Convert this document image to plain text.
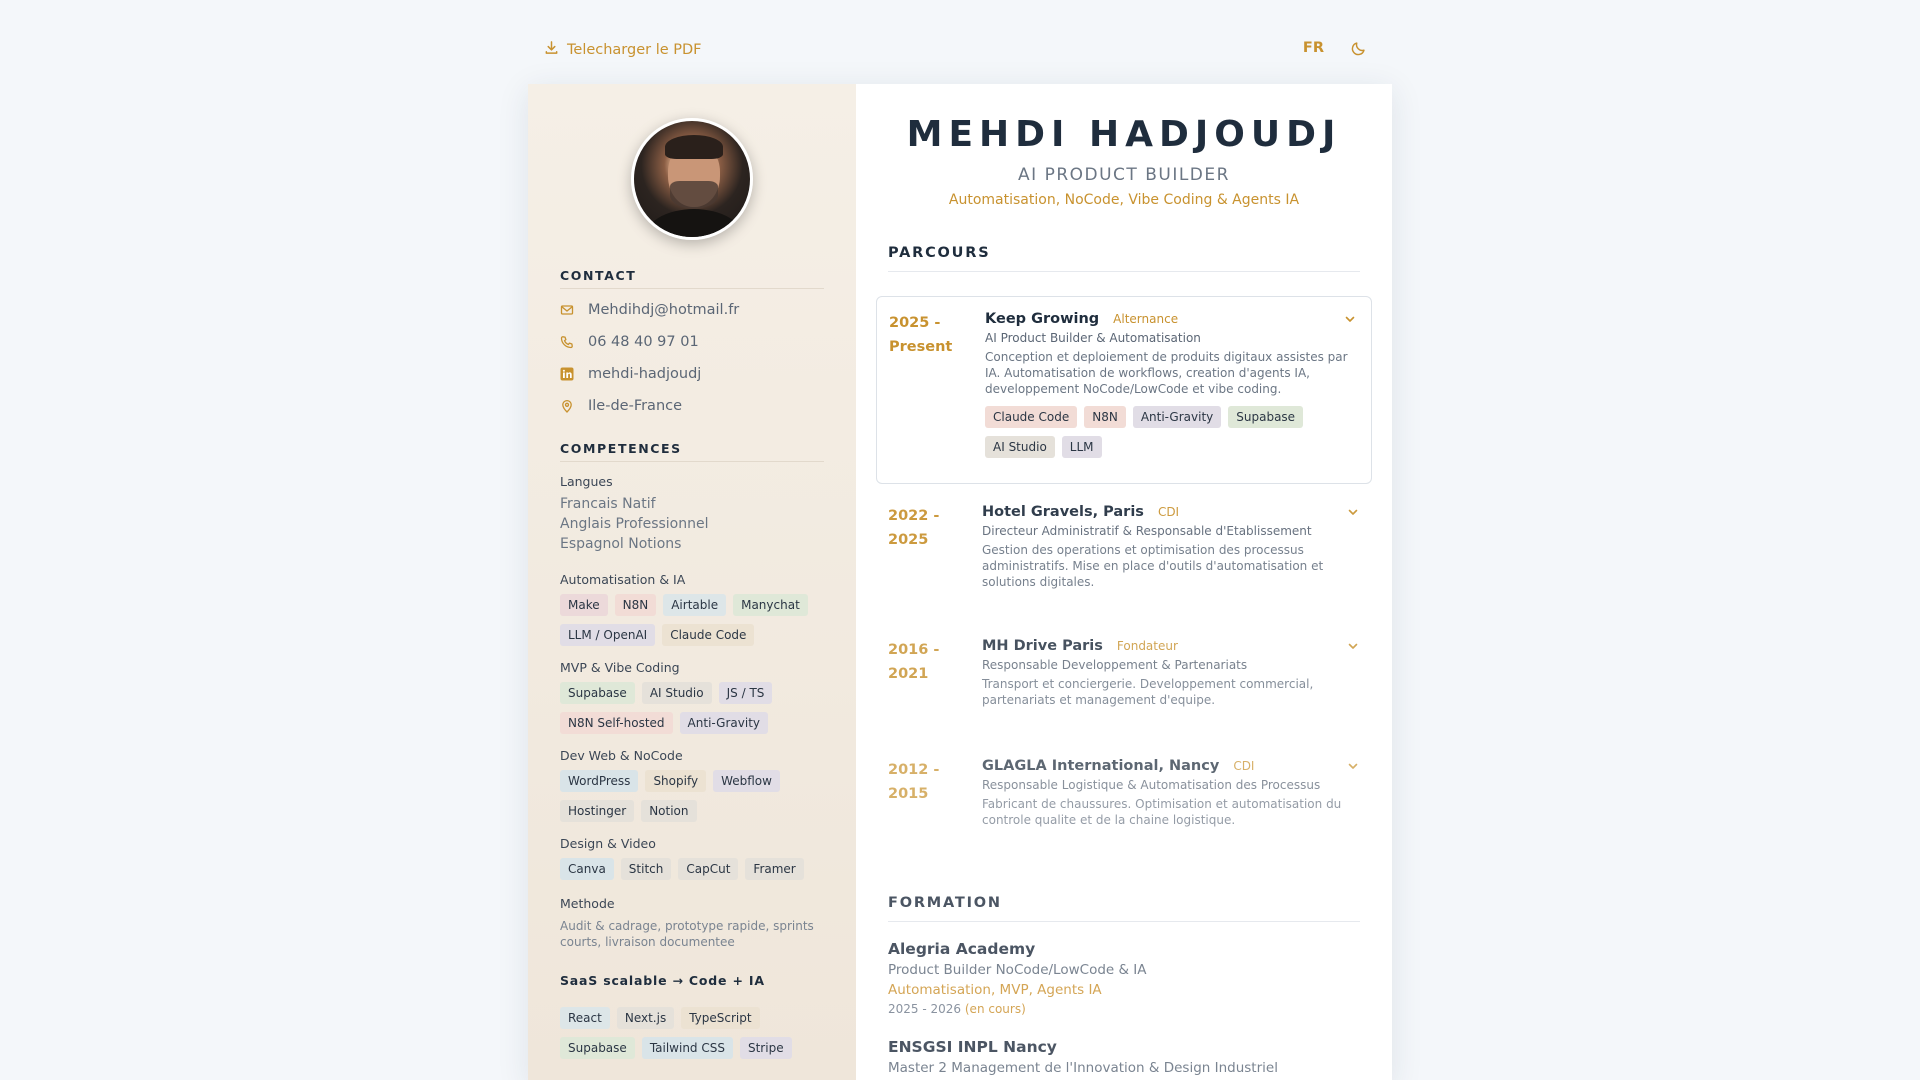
Telecharger le PDF	FR
CONTACT
Mehdihdj@hotmail.fr
06 48 40 97 01
mehdi-hadjoudj
Ile-de-France
COMPETENCES
Langues
Francais Natif
Anglais Professionnel
Espagnol Notions
Automatisation & IA
Make	N8N	Airtable	Manychat
LLM / OpenAI	Claude Code
MVP & Vibe Coding
Supabase	AI Studio	JS / TS
N8N Self-hosted	Anti-Gravity
Dev Web & NoCode
WordPress	Shopify	Webflow
Hostinger	Notion
Design & Video
Canva	Stitch	CapCut	Framer
Methode
Audit & cadrage, prototype rapide, sprints courts, livraison documentee
SaaS scalable → Code + IA
React	Next.js	TypeScript
Supabase	Tailwind CSS	Stripe
MEHDI HADJOUDJ
AI PRODUCT BUILDER
Automatisation, NoCode, Vibe Coding & Agents IA
PARCOURS
2025 - Present
Keep Growing Alternance
AI Product Builder & Automatisation
Conception et deploiement de produits digitaux assistes par IA. Automatisation de workflows, creation d'agents IA, developpement NoCode/LowCode et vibe coding.
Claude Code	N8N	Anti-Gravity	Supabase
AI Studio	LLM
2022 - 2025
Hotel Gravels, Paris CDI
Directeur Administratif & Responsable d'Etablissement
Gestion des operations et optimisation des processus administratifs. Mise en place d'outils d'automatisation et solutions digitales.
2016 - 2021
MH Drive Paris Fondateur
Responsable Developpement & Partenariats
Transport et conciergerie. Developpement commercial, partenariats et management d'equipe.
2012 - 2015
GLAGLA International, Nancy CDI
Responsable Logistique & Automatisation des Processus
Fabricant de chaussures. Optimisation et automatisation du controle qualite et de la chaine logistique.
FORMATION
Alegria Academy
Product Builder NoCode/LowCode & IA
Automatisation, MVP, Agents IA
2025 - 2026 (en cours)
ENSGSI INPL Nancy
Master 2 Management de l'Innovation & Design Industriel
